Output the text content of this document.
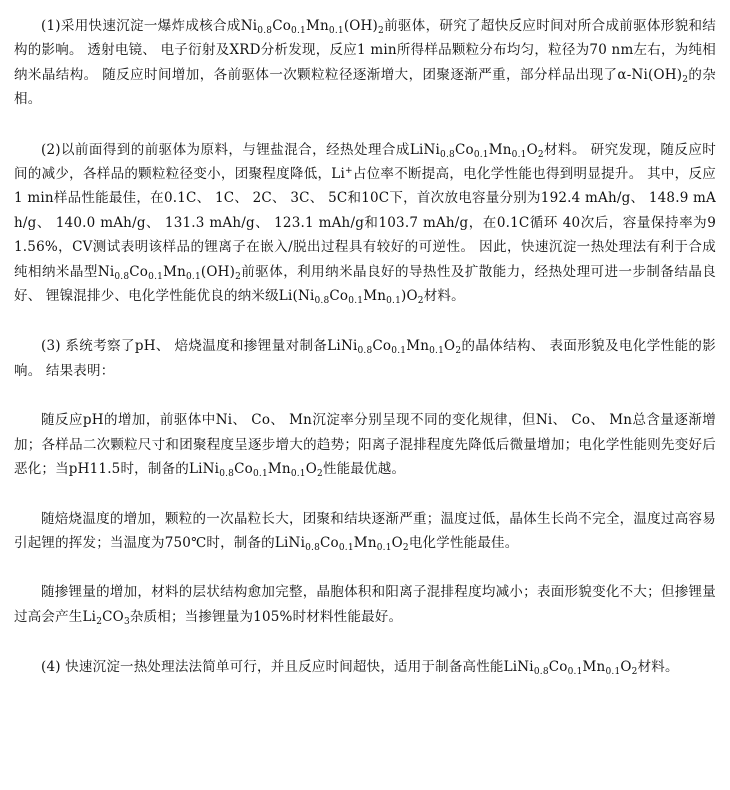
(1)采用快速沉淀一爆炸成核合成$Ni_{0.8}Co_{0.1}Mn_{0.1}(OH)_2$前驱体，研究了超快反应时间对所合成前驱体形貌和结构的影响。 透射电镜、 电子衍射及XRD分析发现，反应1 min所得样品颗粒分布均匀，粒径为70 nm左右，为纯相纳米晶结构。 随反应时间增加，各前驱体一次颗粒粒径逐渐增大，团聚逐渐严重，部分样品出现了$\alpha-Ni(OH)_2$的杂相。

(2)以前面得到的前驱体为原料，与锂盐混合，经热处理合成$LiNi_{0.8}Co_{0.1}Mn_{0.1}O_2$材料。 研究发现，随反应时间的减少，各样品的颗粒粒径变小，团聚程度降低，Li+占位率不断提高，电化学性能也得到明显提升。 其中，反应1 min样品性能最佳，在0.1C、 1C、 2C、 3C、 5C和10C下，首次放电容量分别为192.4 mAh/g、 148.9 mAh/g、 140.0 mAh/g、 131.3 mAh/g、 123.1 mAh/g和103.7 mAh/g，在0.1C循环 40次后，容量保持率为91.56%，CV测试表明该样品的锂离子在嵌入/脱出过程具有较好的可逆性。 因此，快速沉淀一热处理法有利于合成纯相纳米晶型$Ni_{0.8}Co_{0.1}Mn_{0.1}(OH)_2$前驱体，利用纳米晶良好的导热性及扩散能力，经热处理可进一步制备结晶良好、 锂镍混排少、电化学性能优良的纳米级$Li(Ni_{0.8}Co_{0.1}Mn_{0.1})O_2$材料。

(3) 系统考察了pH、 焙烧温度和掺锂量对制备$LiNi_{0.8}Co_{0.1}Mn_{0.1}O_2$的晶体结构、 表面形貌及电化学性能的影响。 结果表明：

随反应pH的增加，前驱体中Ni、 Co、 Mn沉淀率分别呈现不同的变化规律，但Ni、 Co、 Mn总含量逐渐增加；各样品二次颗粒尺寸和团聚程度呈逐步增大的趋势；阳离子混排程度先降低后微量增加；电化学性能则先变好后恶化；当pH11.5时，制备的$LiNi_{0.8}Co_{0.1}Mn_{0.1}O_2$性能最优越。

随焙烧温度的增加，颗粒的一次晶粒长大，团聚和结块逐渐严重；温度过低，晶体生长尚不完全，温度过高容易引起锂的挥发；当温度为750℃时，制备的$LiNi_{0.8}Co_{0.1}Mn_{0.1}O_2$电化学性能最佳。

随掺锂量的增加，材料的层状结构愈加完整，晶胞体积和阳离子混排程度均减小；表面形貌变化不大；但掺锂量过高会产生$Li_2CO_3$杂质相；当掺锂量为105%时材料性能最好。

(4) 快速沉淀一热处理法法简单可行，并且反应时间超快，适用于制备高性能$LiNi_{0.8}Co_{0.1}Mn_{0.1}O_2$材料。
